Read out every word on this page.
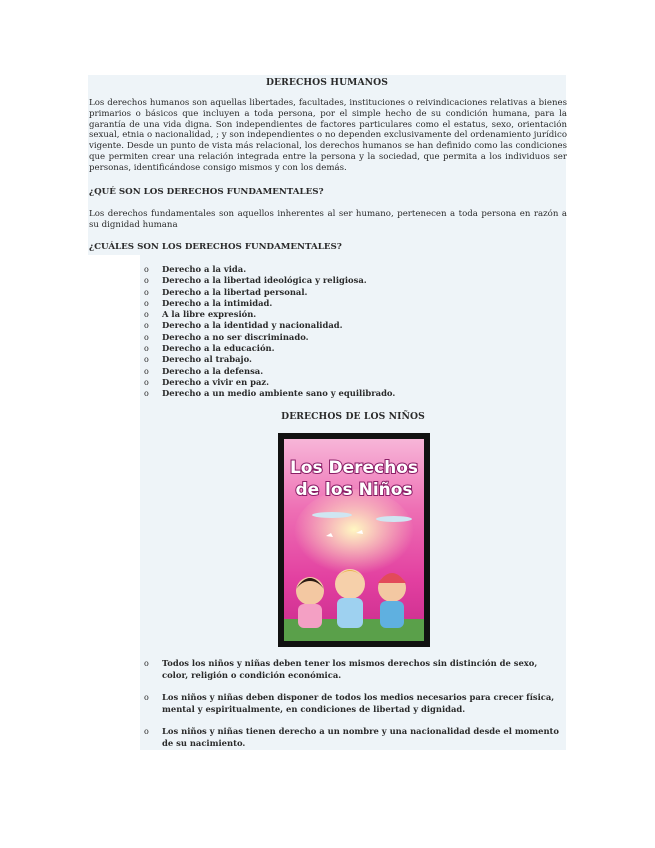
DERECHOS HUMANOS
Los derechos humanos son aquellas libertades, facultades, instituciones o reivindicaciones relativas a bienes primarios o básicos que incluyen a toda persona, por el simple hecho de su condición humana, para la garantía de una vida digna. Son independientes de factores particulares como el estatus, sexo, orientación sexual, etnia o nacionalidad, ; y son independientes o no dependen exclusivamente del ordenamiento jurídico vigente. Desde un punto de vista más relacional, los derechos humanos se han definido como las condiciones que permiten crear una relación integrada entre la persona y la sociedad, que permita a los individuos ser personas, identificándose consigo mismos y con los demás.
¿QUÉ SON LOS DERECHOS FUNDAMENTALES?
Los derechos fundamentales son aquellos inherentes al ser humano, pertenecen a toda persona en razón a su dignidad humana
¿CUÁLES SON LOS DERECHOS FUNDAMENTALES?
o Derecho a la vida.
o Derecho a la libertad ideológica y religiosa.
o Derecho a la libertad personal.
o Derecho a la intimidad.
o A la libre expresión.
o Derecho a la identidad y nacionalidad.
o Derecho a no ser discriminado.
o Derecho a la educación.
o Derecho al trabajo.
o Derecho a la defensa.
o Derecho a vivir en paz.
o Derecho a un medio ambiente sano y equilibrado.
DERECHOS DE LOS NIÑOS
Los Derechos
de los Niños
o Todos los niños y niñas deben tener los mismos derechos sin distinción de sexo, color, religión o condición económica.
o Los niños y niñas deben disponer de todos los medios necesarios para crecer física, mental y espiritualmente, en condiciones de libertad y dignidad.
o Los niños y niñas tienen derecho a un nombre y una nacionalidad desde el momento de su nacimiento.
